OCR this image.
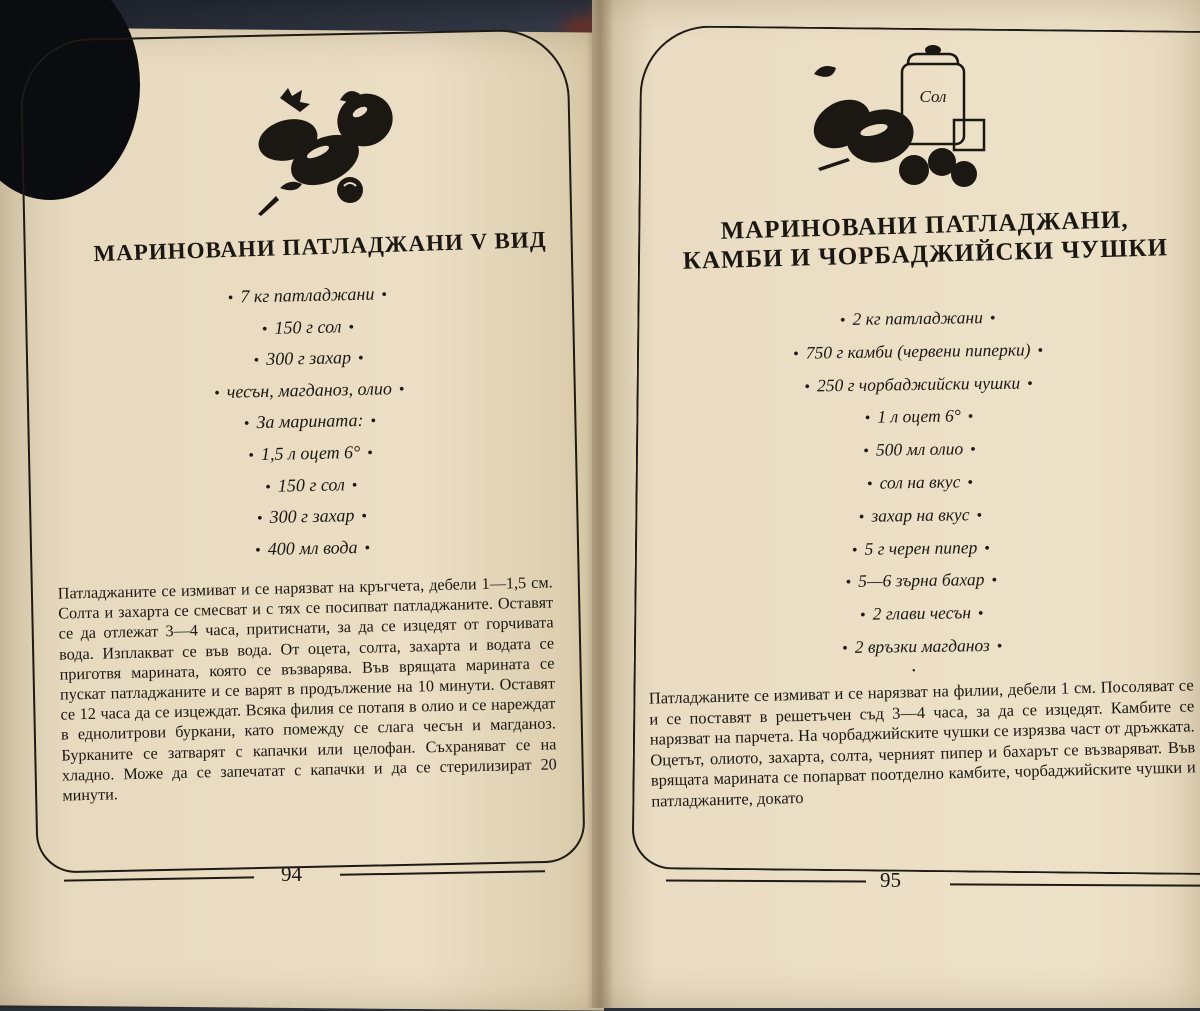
Сол
МАРИНОВАНИ ПАТЛАДЖАНИ V ВИД
МАРИНОВАНИ ПАТЛАДЖАНИ,
КАМБИ И ЧОРБАДЖИЙСКИ ЧУШКИ
• 7 кг патладжани •
• 150 г сол •
• 300 г захар •
• чесън, магданоз, олио •
• За марината: •
• 1,5 л оцет 6° •
• 150 г сол •
• 300 г захар •
• 400 мл вода •
• 2 кг патладжани •
• 750 г камби (червени пиперки) •
• 250 г чорбаджийски чушки •
• 1 л оцет 6° •
• 500 мл олио •
• сол на вкус •
• захар на вкус •
• 5 г черен пипер •
• 5—6 зърна бахар •
• 2 глави чесън •
• 2 връзки магданоз •
•
Патладжаните се измиват и се нарязват на кръгчета, дебели 1—1,5 см. Солта и захарта се смесват и с тях се посипват патладжаните. Оставят се да отлежат 3—4 часа, притиснати, за да се изцедят от горчивата вода. Изплакват се във вода. От оцета, солта, захарта и водата се приготвя марината, която се възварява. Във врящата марината се пускат патладжаните и се варят в продължение на 10 минути. Оставят се 12 часа да се изцеждат. Всяка филия се потапя в олио и се нареждат в еднолитрови буркани, като помежду се слага чесън и магданоз. Бурканите се затварят с капачки или целофан. Съхраняват се на хладно. Може да се запечатат с капачки и да се стерилизират 20 минути.
Патладжаните се измиват и се нарязват на филии, дебели 1 см. Посоляват се и се поставят в решетъчен съд 3—4 часа, за да се изцедят. Камбите се нарязват на парчета. На чорбаджийските чушки се изрязва част от дръжката. Оцетът, олиото, захарта, солта, черният пипер и бахарът се възваряват. Във врящата марината се попарват поотделно камбите, чорбаджийските чушки и патладжаните, докато
94	95
